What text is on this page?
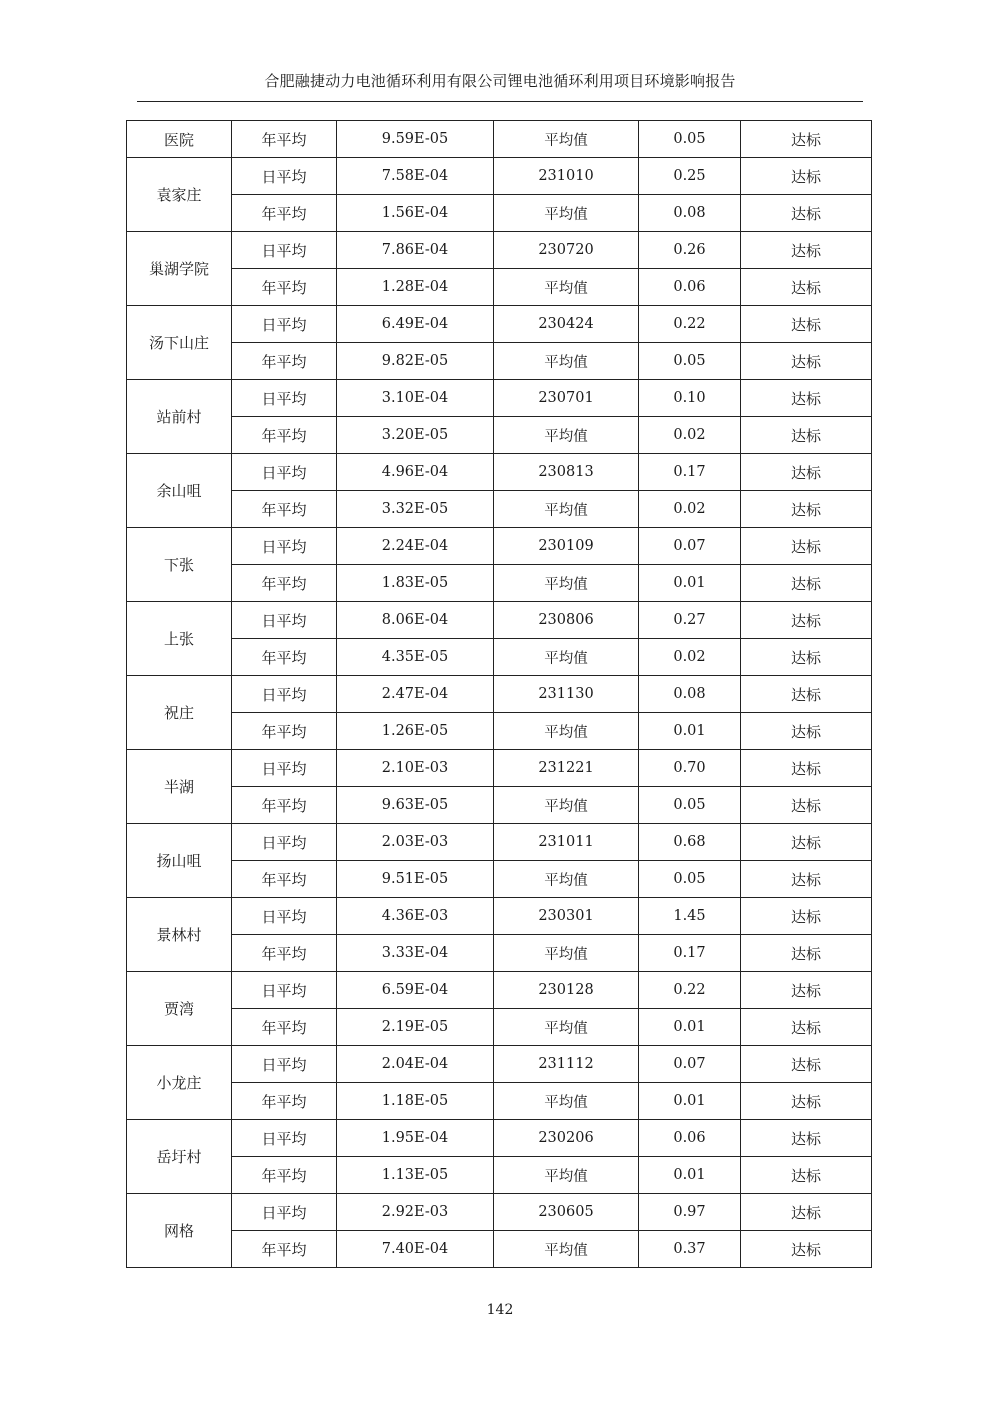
合肥融捷动力电池循环利用有限公司锂电池循环利用项目环境影响报告
医院	年平均	9.59E-05	平均值	0.05	达标
袁家庄	日平均	7.58E-04	231010	0.25	达标
	年平均	1.56E-04	平均值	0.08	达标
巢湖学院	日平均	7.86E-04	230720	0.26	达标
	年平均	1.28E-04	平均值	0.06	达标
汤下山庄	日平均	6.49E-04	230424	0.22	达标
	年平均	9.82E-05	平均值	0.05	达标
站前村	日平均	3.10E-04	230701	0.10	达标
	年平均	3.20E-05	平均值	0.02	达标
余山咀	日平均	4.96E-04	230813	0.17	达标
	年平均	3.32E-05	平均值	0.02	达标
下张	日平均	2.24E-04	230109	0.07	达标
	年平均	1.83E-05	平均值	0.01	达标
上张	日平均	8.06E-04	230806	0.27	达标
	年平均	4.35E-05	平均值	0.02	达标
祝庄	日平均	2.47E-04	231130	0.08	达标
	年平均	1.26E-05	平均值	0.01	达标
半湖	日平均	2.10E-03	231221	0.70	达标
	年平均	9.63E-05	平均值	0.05	达标
扬山咀	日平均	2.03E-03	231011	0.68	达标
	年平均	9.51E-05	平均值	0.05	达标
景林村	日平均	4.36E-03	230301	1.45	达标
	年平均	3.33E-04	平均值	0.17	达标
贾湾	日平均	6.59E-04	230128	0.22	达标
	年平均	2.19E-05	平均值	0.01	达标
小龙庄	日平均	2.04E-04	231112	0.07	达标
	年平均	1.18E-05	平均值	0.01	达标
岳圩村	日平均	1.95E-04	230206	0.06	达标
	年平均	1.13E-05	平均值	0.01	达标
网格	日平均	2.92E-03	230605	0.97	达标
	年平均	7.40E-04	平均值	0.37	达标
142
